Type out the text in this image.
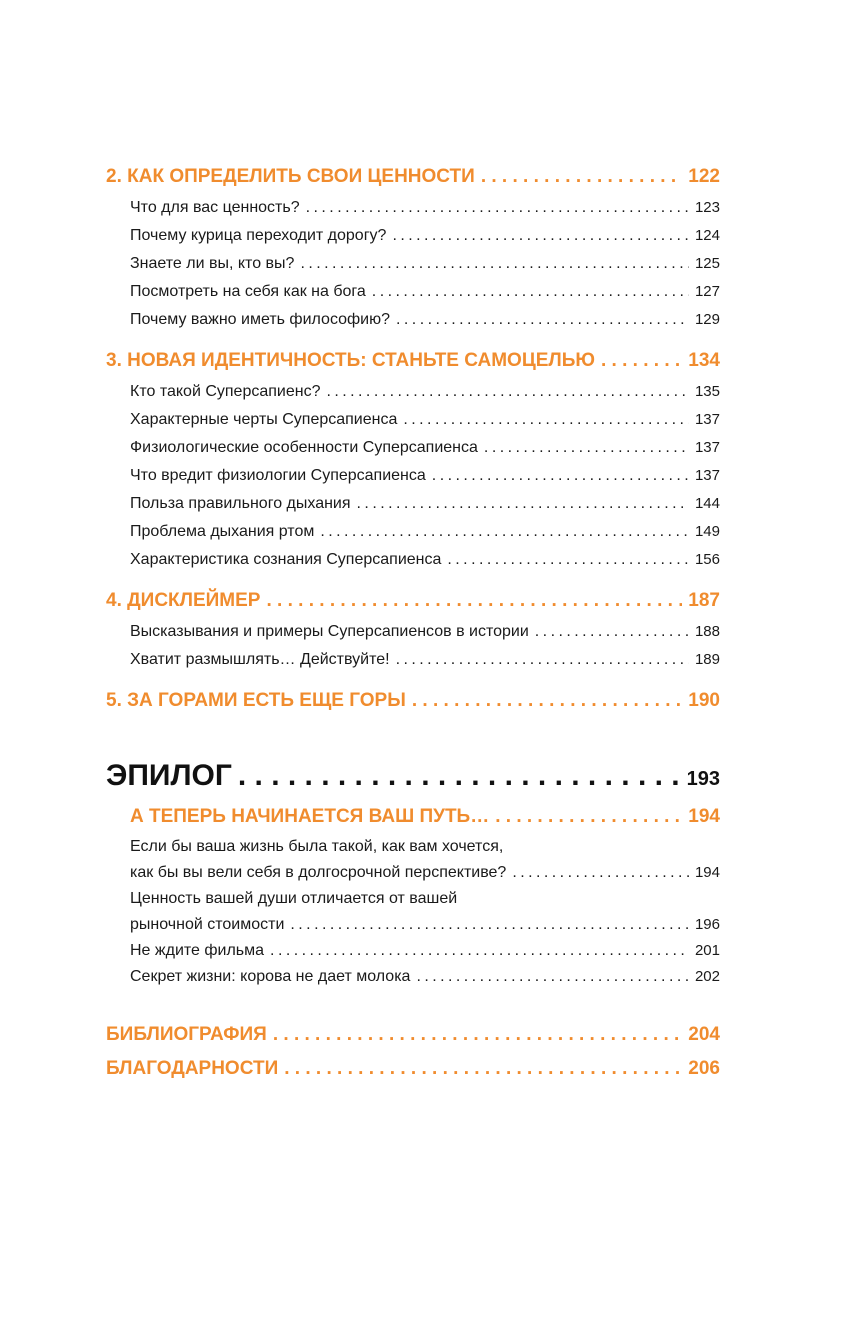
2. КАК ОПРЕДЕЛИТЬ СВОИ ЦЕННОСТИ . . .	122
Что для вас ценность? . . .	123
Почему курица переходит дорогу? . . .	124
Знаете ли вы, кто вы? . . .	125
Посмотреть на себя как на бога . . .	127
Почему важно иметь философию? . . .	129
3. НОВАЯ ИДЕНТИЧНОСТЬ: СТАНЬТЕ САМОЦЕЛЬЮ . . .	134
Кто такой Суперсапиенс? . . .	135
Характерные черты Суперсапиенса . . .	137
Физиологические особенности Суперсапиенса . . .	137
Что вредит физиологии Суперсапиенса . . .	137
Польза правильного дыхания . . .	144
Проблема дыхания ртом . . .	149
Характеристика сознания Суперсапиенса . . .	156
4. ДИСКЛЕЙМЕР . . .	187
Высказывания и примеры Суперсапиенсов в истории . . .	188
Хватит размышлять… Действуйте! . . .	189
5. ЗА ГОРАМИ ЕСТЬ ЕЩЕ ГОРЫ . . .	190
ЭПИЛОГ . . .	193
А ТЕПЕРЬ НАЧИНАЕТСЯ ВАШ ПУТЬ… . . .	194
Если бы ваша жизнь была такой, как вам хочется,
как бы вы вели себя в долгосрочной перспективе? . . .	194
Ценность вашей души отличается от вашей
рыночной стоимости . . .	196
Не ждите фильма . . .	201
Секрет жизни: корова не дает молока . . .	202
БИБЛИОГРАФИЯ . . .	204
БЛАГОДАРНОСТИ . . .	206
